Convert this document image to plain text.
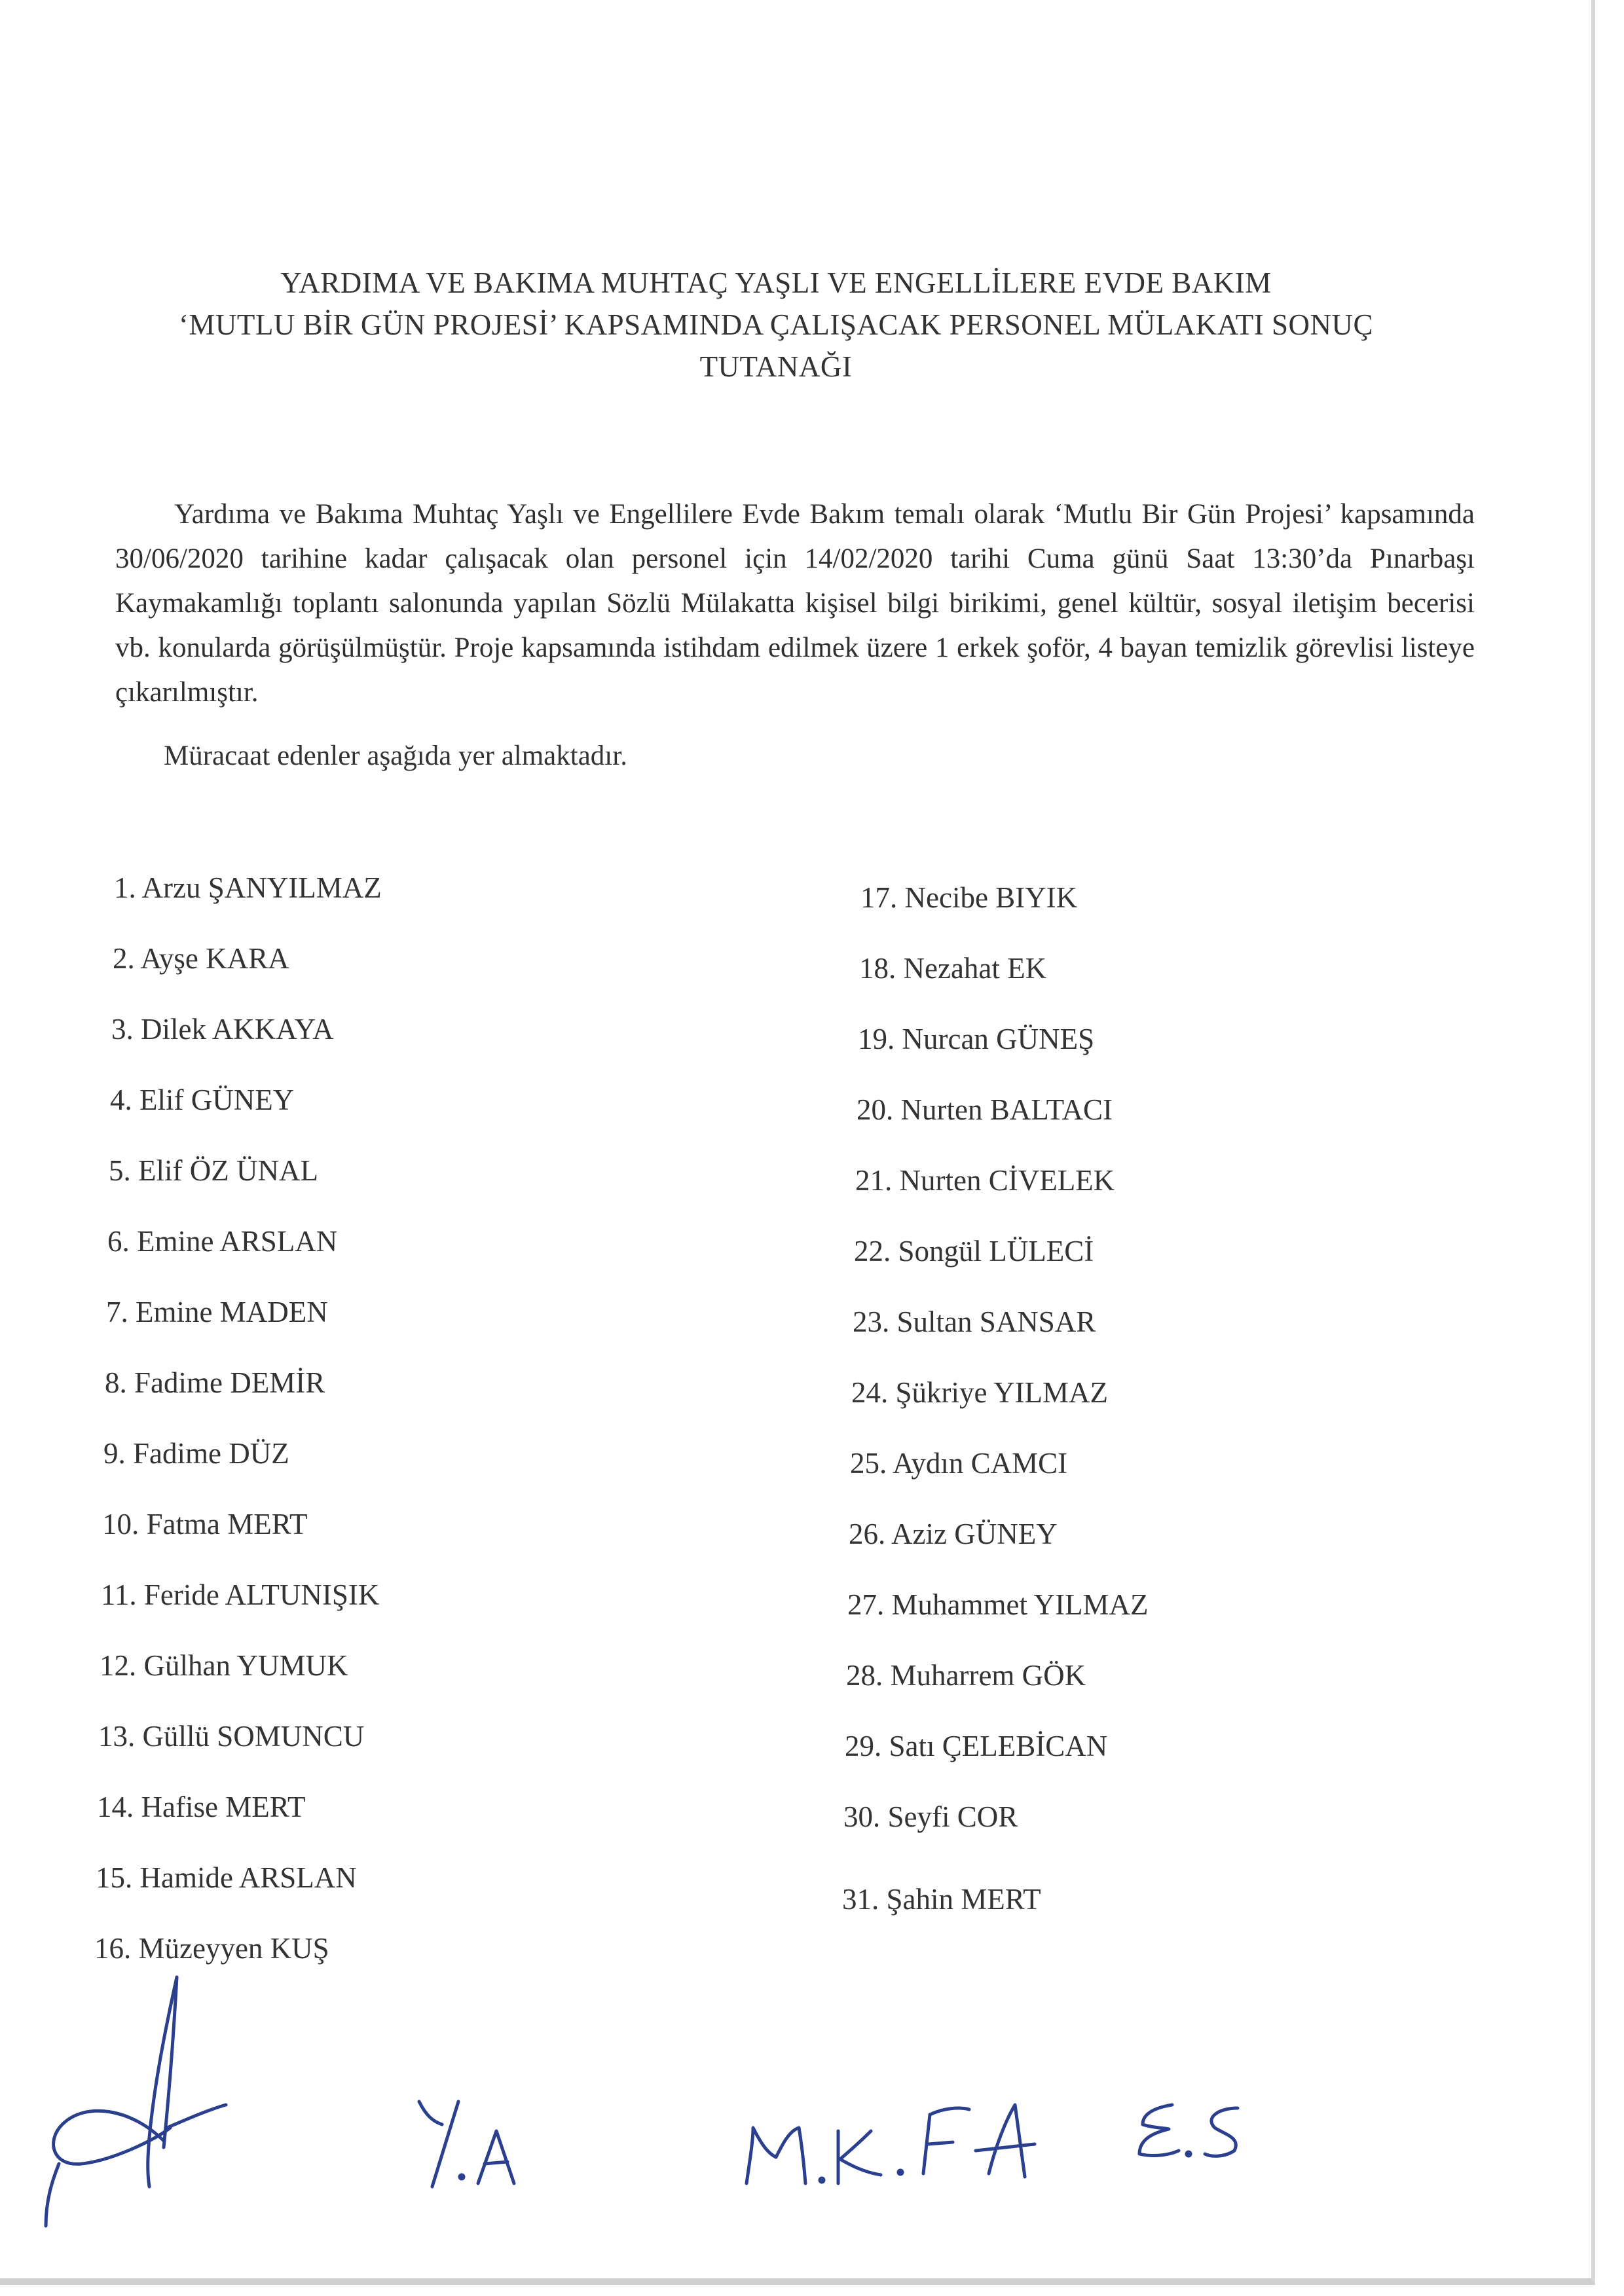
YARDIMA VE BAKIMA MUHTAÇ YAŞLI VE ENGELLİLERE EVDE BAKIM
‘MUTLU BİR GÜN PROJESİ’ KAPSAMINDA ÇALIŞACAK PERSONEL MÜLAKATI SONUÇ
TUTANAĞI
Yardıma ve Bakıma Muhtaç Yaşlı ve Engellilere Evde Bakım temalı olarak ‘Mutlu Bir Gün Projesi’ kapsamında 30/06/2020 tarihine kadar çalışacak olan personel için 14/02/2020 tarihi Cuma günü Saat 13:30’da Pınarbaşı Kaymakamlığı toplantı salonunda yapılan Sözlü Mülakatta kişisel bilgi birikimi, genel kültür, sosyal iletişim becerisi vb. konularda görüşülmüştür. Proje kapsamında istihdam edilmek üzere 1 erkek şoför, 4 bayan temizlik görevlisi listeye çıkarılmıştır.
Müracaat edenler aşağıda yer almaktadır.
1. Arzu ŞANYILMAZ
2. Ayşe KARA
3. Dilek AKKAYA
4. Elif GÜNEY
5. Elif ÖZ ÜNAL
6. Emine ARSLAN
7. Emine MADEN
8. Fadime DEMİR
9. Fadime DÜZ
10. Fatma MERT
11. Feride ALTUNIŞIK
12. Gülhan YUMUK
13. Güllü SOMUNCU
14. Hafise MERT
15. Hamide ARSLAN
16. Müzeyyen KUŞ
17. Necibe BIYIK
18. Nezahat EK
19. Nurcan GÜNEŞ
20. Nurten BALTACI
21. Nurten CİVELEK
22. Songül LÜLECİ
23. Sultan SANSAR
24. Şükriye YILMAZ
25. Aydın CAMCI
26. Aziz GÜNEY
27. Muhammet YILMAZ
28. Muharrem GÖK
29. Satı ÇELEBİCAN
30. Seyfi COR
31. Şahin MERT
